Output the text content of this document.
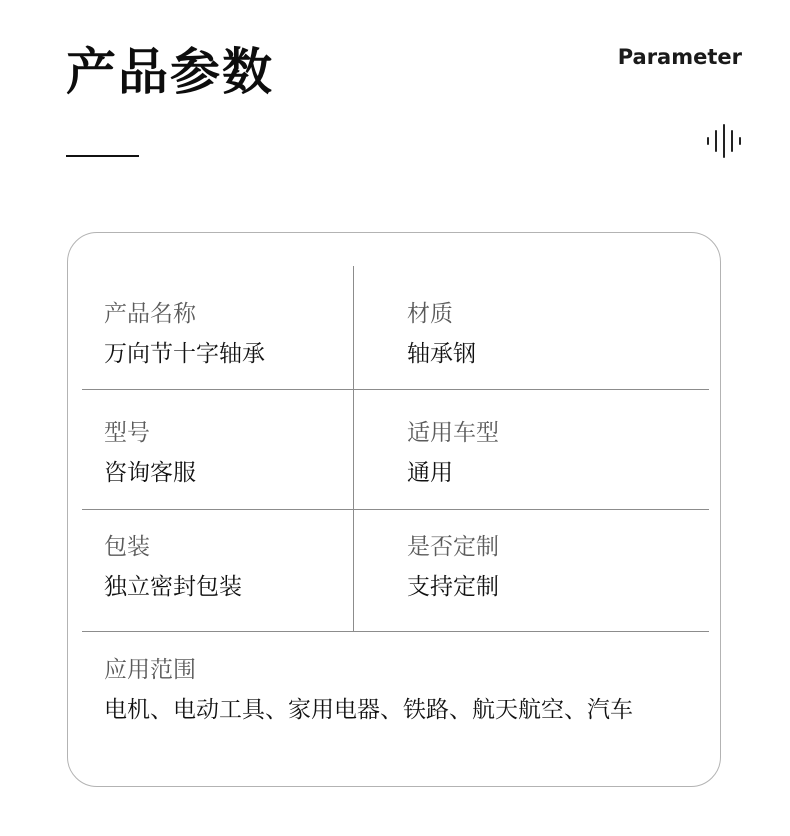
产品参数	Parameter
产品名称
万向节十字轴承
材质
轴承钢
型号
咨询客服
适用车型
通用
包装
独立密封包装
是否定制
支持定制
应用范围
电机、电动工具、家用电器、铁路、航天航空、汽车
